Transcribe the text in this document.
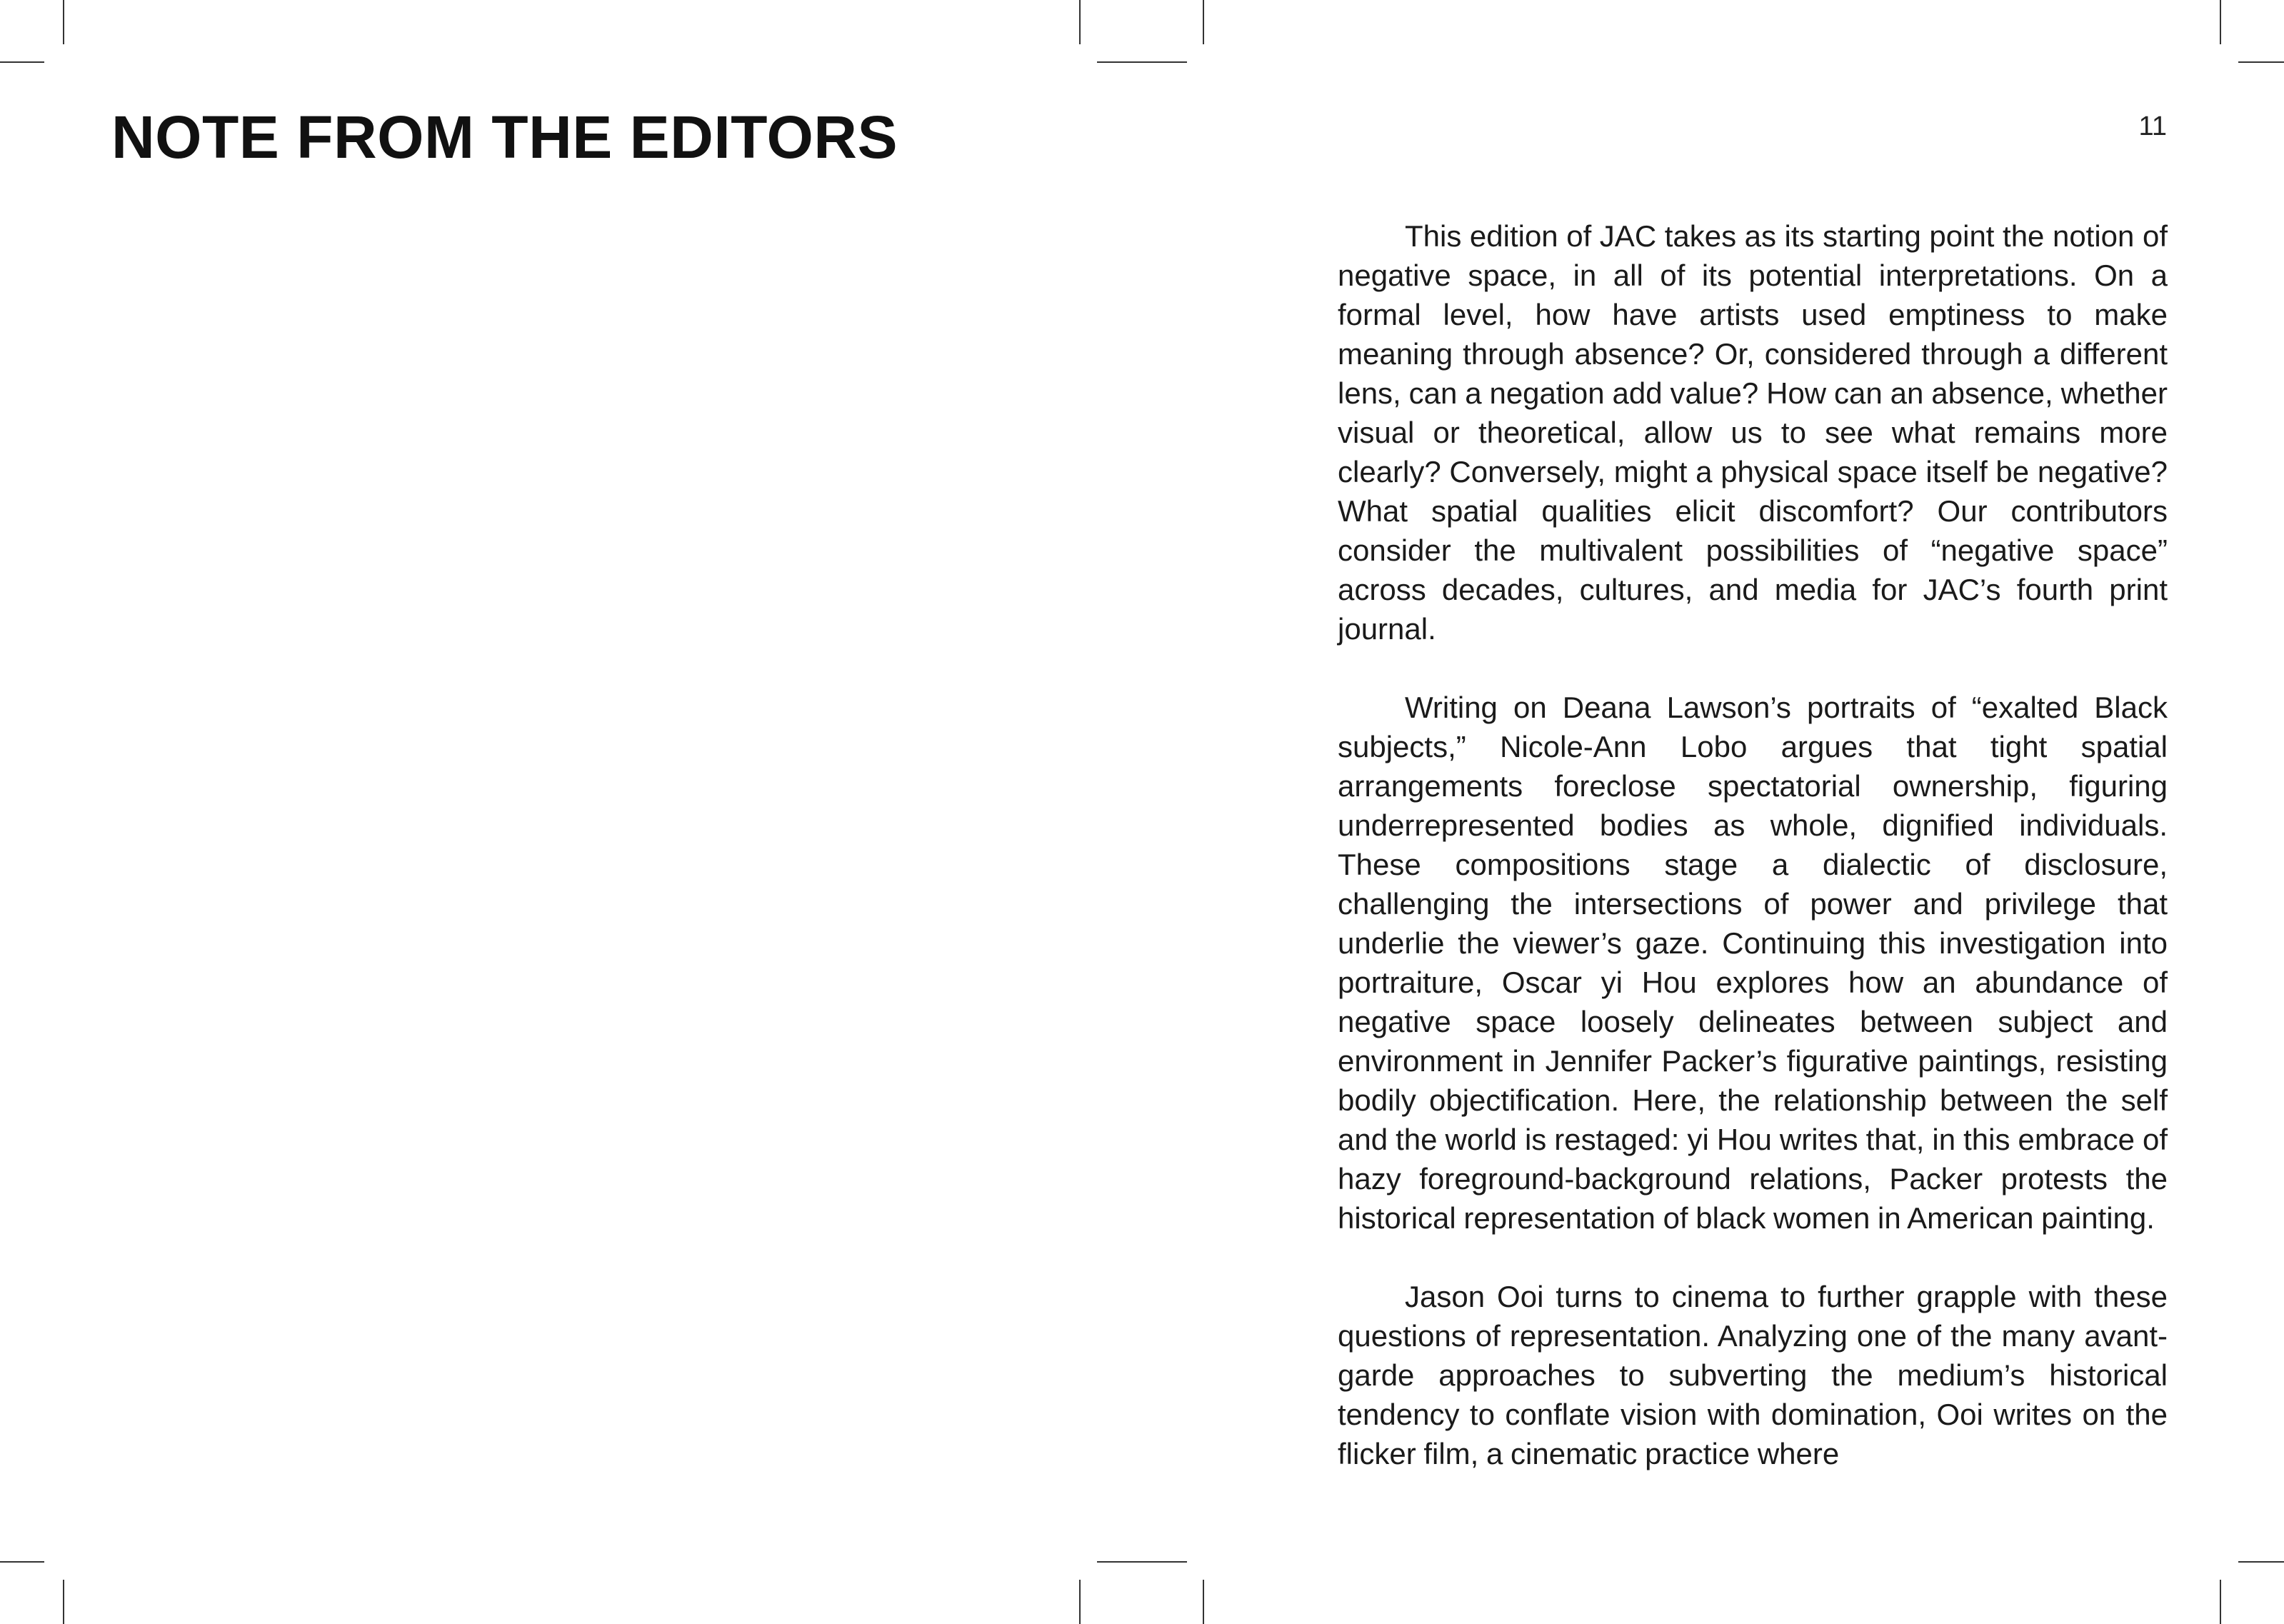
NOTE FROM THE EDITORS	11

This edition of JAC takes as its starting point the notion of negative space, in all of its potential interpretations. On a formal level, how have artists used emptiness to make meaning through absence? Or, considered through a different lens, can a negation add value? How can an absence, whether visual or theoretical, allow us to see what remains more clearly? Conversely, might a physical space itself be negative? What spatial qualities elicit discomfort? Our contributors consider the multivalent possibilities of “negative space” across decades, cultures, and media for JAC’s fourth print journal.

Writing on Deana Lawson’s portraits of “exalted Black subjects,” Nicole-Ann Lobo argues that tight spatial arrangements foreclose spectatorial ownership, figuring underrepresented bodies as whole, dignified individuals. These compositions stage a dialectic of disclosure, challenging the intersections of power and privilege that underlie the viewer’s gaze. Continuing this investigation into portraiture, Oscar yi Hou explores how an abundance of negative space loosely delineates between subject and environment in Jennifer Packer’s figurative paintings, resisting bodily objectification. Here, the relationship between the self and the world is restaged: yi Hou writes that, in this embrace of hazy foreground-background relations, Packer protests the historical representation of black women in American painting.

Jason Ooi turns to cinema to further grapple with these questions of representation. Analyzing one of the many avant-garde approaches to subverting the medium’s historical tendency to conflate vision with domination, Ooi writes on the flicker film, a cinematic practice where
